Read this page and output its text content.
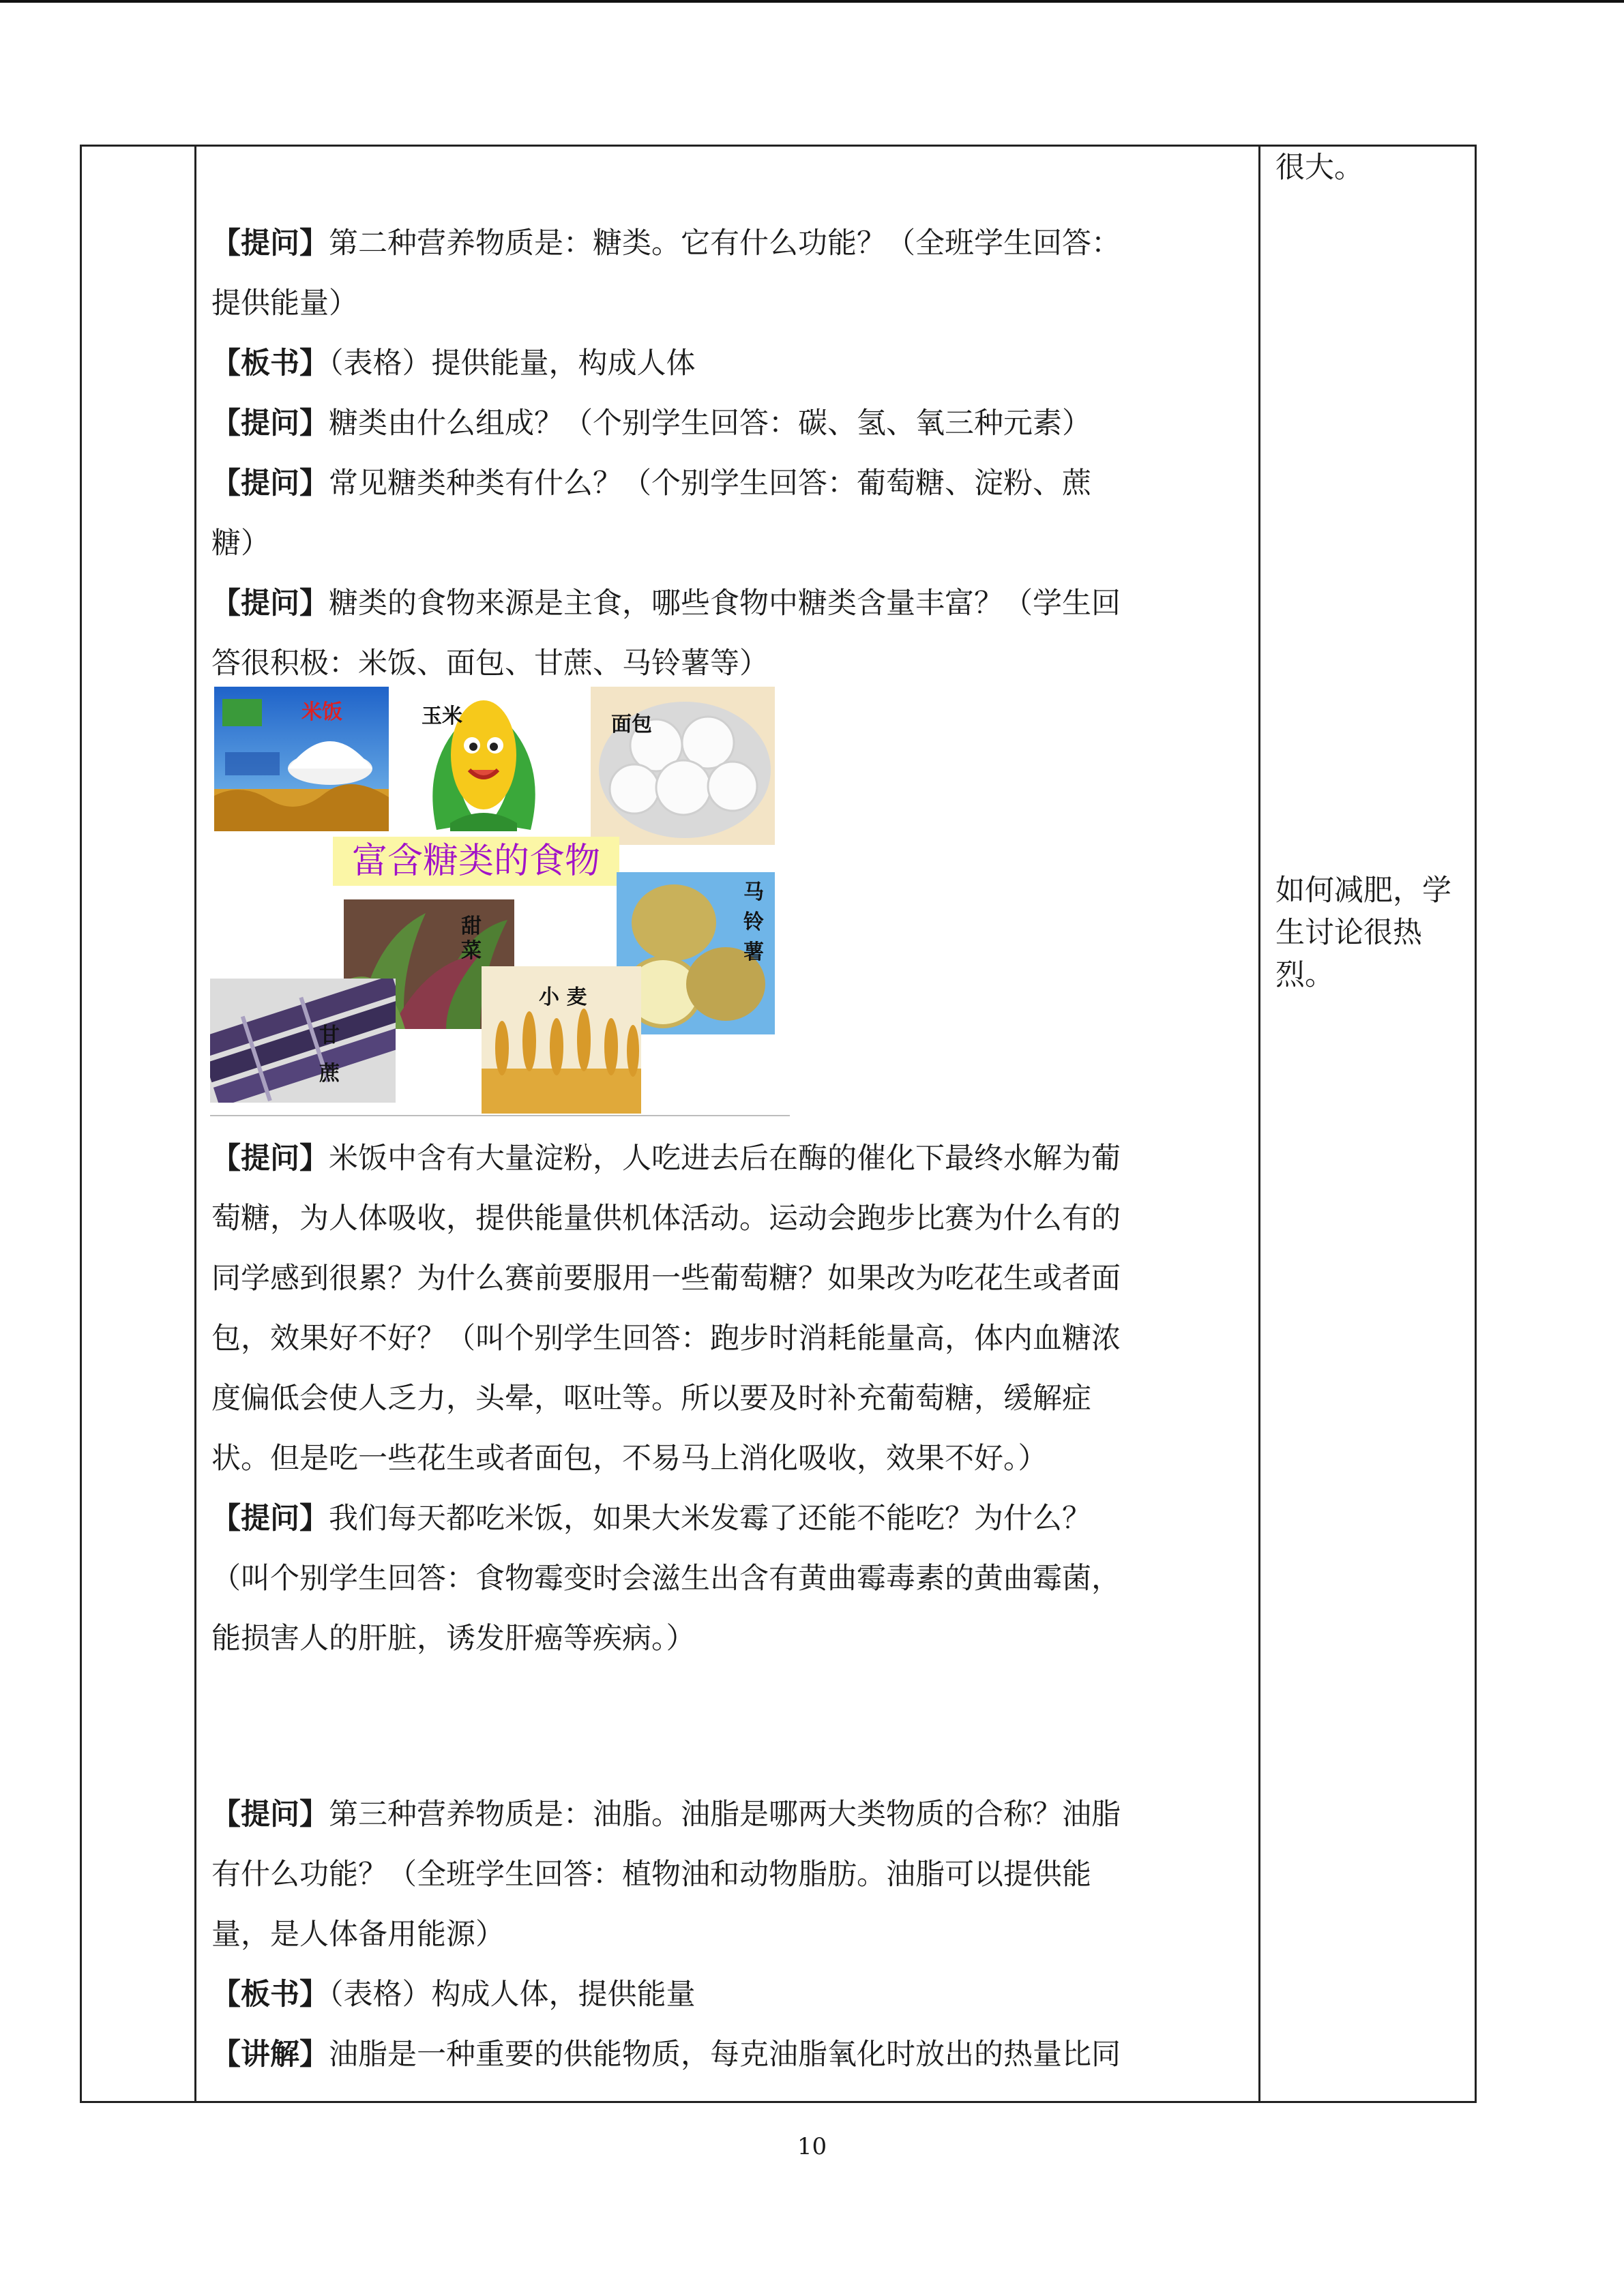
【提问】第二种营养物质是：糖类。它有什么功能？（全班学生回答：
提供能量）
【板书】（表格）提供能量，构成人体
【提问】糖类由什么组成？（个别学生回答：碳、氢、氧三种元素）
【提问】常见糖类种类有什么？（个别学生回答：葡萄糖、淀粉、蔗
糖）
【提问】糖类的食物来源是主食，哪些食物中糖类含量丰富？（学生回
答很积极：米饭、面包、甘蔗、马铃薯等）
米饭	玉米	面包
富含糖类的食物
甜菜
马铃薯
甘蔗
小 麦
【提问】米饭中含有大量淀粉，人吃进去后在酶的催化下最终水解为葡
萄糖，为人体吸收，提供能量供机体活动。运动会跑步比赛为什么有的
同学感到很累？为什么赛前要服用一些葡萄糖？如果改为吃花生或者面
包，效果好不好？（叫个别学生回答：跑步时消耗能量高，体内血糖浓
度偏低会使人乏力，头晕，呕吐等。所以要及时补充葡萄糖，缓解症
状。但是吃一些花生或者面包，不易马上消化吸收，效果不好。）
【提问】我们每天都吃米饭，如果大米发霉了还能不能吃？为什么？
（叫个别学生回答：食物霉变时会滋生出含有黄曲霉毒素的黄曲霉菌，
能损害人的肝脏，诱发肝癌等疾病。）
【提问】第三种营养物质是：油脂。油脂是哪两大类物质的合称？油脂
有什么功能？（全班学生回答：植物油和动物脂肪。油脂可以提供能
量，是人体备用能源）
【板书】（表格）构成人体，提供能量
【讲解】油脂是一种重要的供能物质，每克油脂氧化时放出的热量比同
很大。
如何减肥，学生讨论很热烈。
10
